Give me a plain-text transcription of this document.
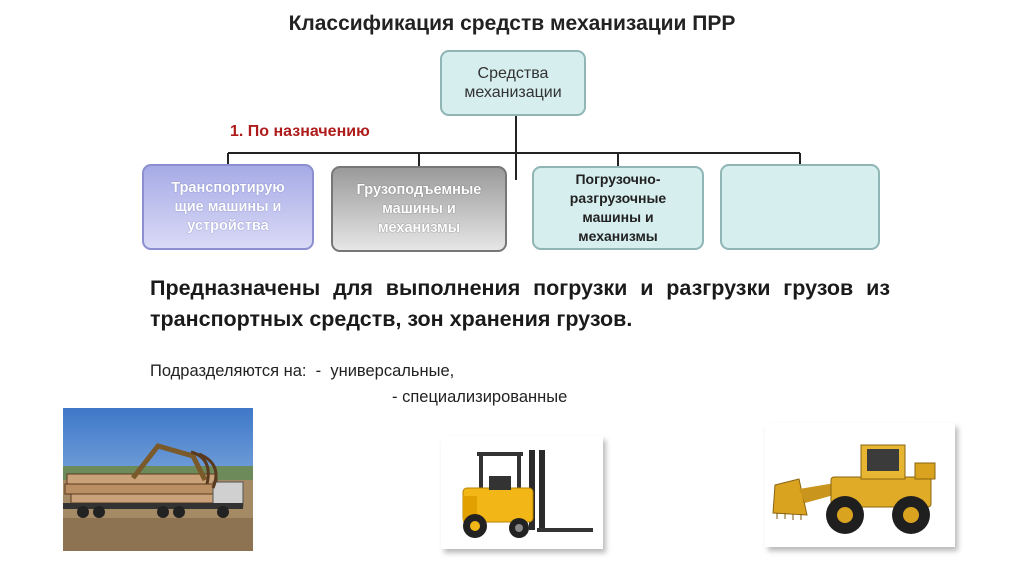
Классификация средств механизации ПРР
Средства
механизации
1. По назначению
Транспортирую
щие машины и
устройства
Грузоподъемные
машины и
механизмы
Погрузочно-
разгрузочные
машины и
механизмы
Предназначены для выполнения погрузки и разгрузки грузов из транспортных средств, зон хранения грузов.
Подразделяются на:  -  универсальные,
- специализированные
